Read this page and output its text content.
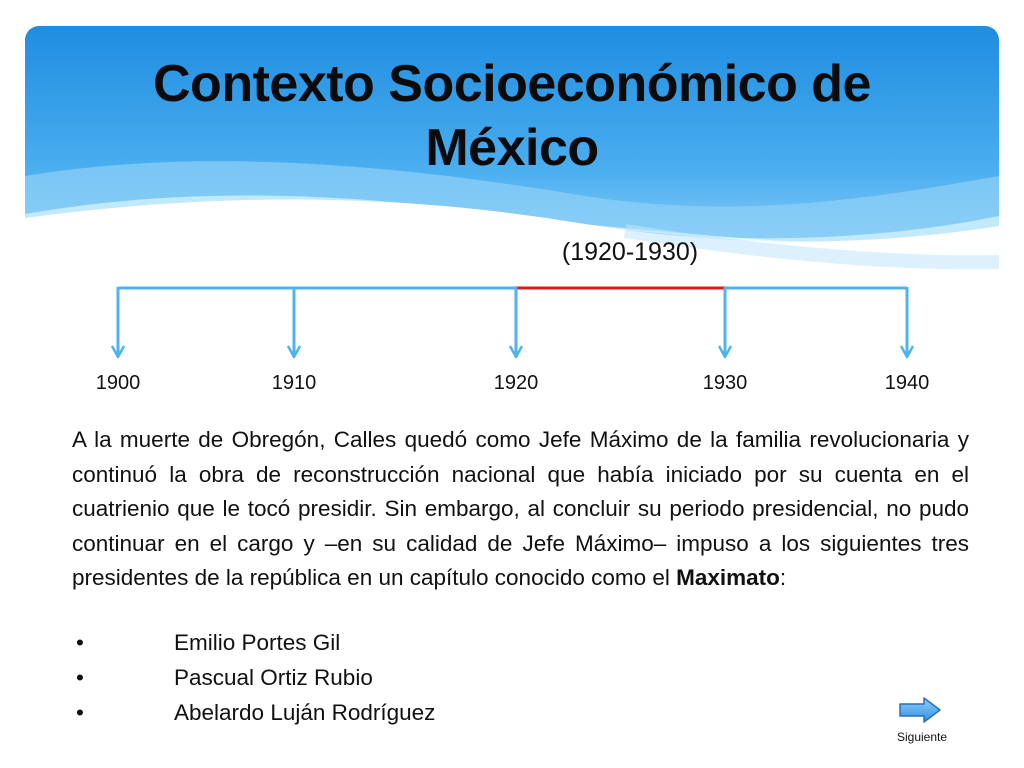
Contexto Socioeconómico de
México
(1920-1930)
1900	1910	1920	1930	1940
A la muerte de Obregón, Calles quedó como Jefe Máximo de la familia revolucionaria y continuó la obra de reconstrucción nacional que había iniciado por su cuenta en el cuatrienio que le tocó presidir. Sin embargo, al concluir su periodo presidencial, no pudo continuar en el cargo y –en su calidad de Jefe Máximo– impuso a los siguientes tres presidentes de la república en un capítulo conocido como el Maximato:
•	Emilio Portes Gil
•	Pascual Ortiz Rubio
•	Abelardo Luján Rodríguez
Siguiente
